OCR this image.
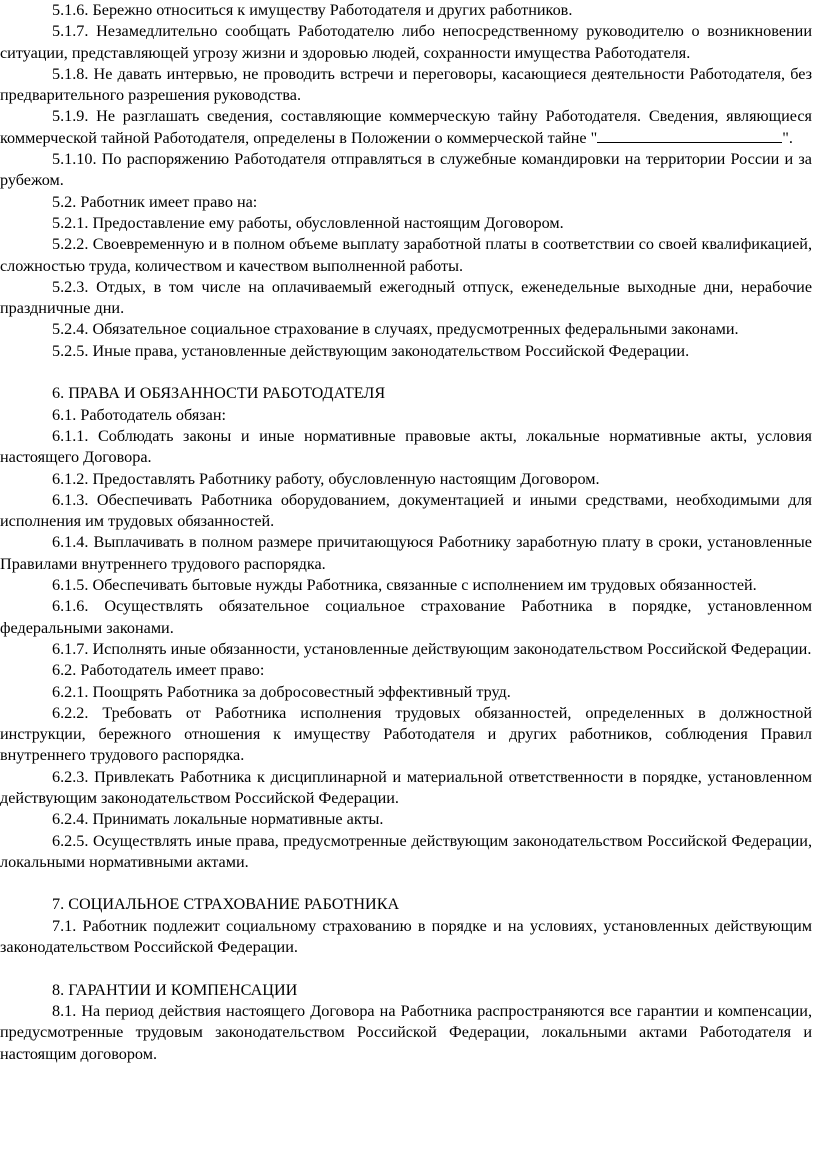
5.1.6. Бережно относиться к имуществу Работодателя и других работников.

5.1.7. Незамедлительно сообщать Работодателю либо непосредственному руководителю о возникновении ситуации, представляющей угрозу жизни и здоровью людей, сохранности имущества Работодателя.

5.1.8. Не давать интервью, не проводить встречи и переговоры, касающиеся деятельности Работодателя, без предварительного разрешения руководства.

5.1.9. Не разглашать сведения, составляющие коммерческую тайну Работодателя. Сведения, являющиеся коммерческой тайной Работодателя, определены в Положении о коммерческой тайне "	".

5.1.10. По распоряжению Работодателя отправляться в служебные командировки на территории России и за рубежом.

5.2. Работник имеет право на:

5.2.1. Предоставление ему работы, обусловленной настоящим Договором.

5.2.2. Своевременную и в полном объеме выплату заработной платы в соответствии со своей квалификацией, сложностью труда, количеством и качеством выполненной работы.

5.2.3. Отдых, в том числе на оплачиваемый ежегодный отпуск, еженедельные выходные дни, нерабочие праздничные дни.

5.2.4. Обязательное социальное страхование в случаях, предусмотренных федеральными законами.

5.2.5. Иные права, установленные действующим законодательством Российской Федерации.

6. ПРАВА И ОБЯЗАННОСТИ РАБОТОДАТЕЛЯ

6.1. Работодатель обязан:

6.1.1. Соблюдать законы и иные нормативные правовые акты, локальные нормативные акты, условия настоящего Договора.

6.1.2. Предоставлять Работнику работу, обусловленную настоящим Договором.

6.1.3. Обеспечивать Работника оборудованием, документацией и иными средствами, необходимыми для исполнения им трудовых обязанностей.

6.1.4. Выплачивать в полном размере причитающуюся Работнику заработную плату в сроки, установленные Правилами внутреннего трудового распорядка.

6.1.5. Обеспечивать бытовые нужды Работника, связанные с исполнением им трудовых обязанностей.

6.1.6. Осуществлять обязательное социальное страхование Работника в порядке, установленном федеральными законами.

6.1.7. Исполнять иные обязанности, установленные действующим законодательством Российской Федерации.

6.2. Работодатель имеет право:

6.2.1. Поощрять Работника за добросовестный эффективный труд.

6.2.2. Требовать от Работника исполнения трудовых обязанностей, определенных в должностной инструкции, бережного отношения к имуществу Работодателя и других работников, соблюдения Правил внутреннего трудового распорядка.

6.2.3. Привлекать Работника к дисциплинарной и материальной ответственности в порядке, установленном действующим законодательством Российской Федерации.

6.2.4. Принимать локальные нормативные акты.

6.2.5. Осуществлять иные права, предусмотренные действующим законодательством Российской Федерации, локальными нормативными актами.

7. СОЦИАЛЬНОЕ СТРАХОВАНИЕ РАБОТНИКА

7.1. Работник подлежит социальному страхованию в порядке и на условиях, установленных действующим законодательством Российской Федерации.

8. ГАРАНТИИ И КОМПЕНСАЦИИ

8.1. На период действия настоящего Договора на Работника распространяются все гарантии и компенсации, предусмотренные трудовым законодательством Российской Федерации, локальными актами Работодателя и настоящим договором.
